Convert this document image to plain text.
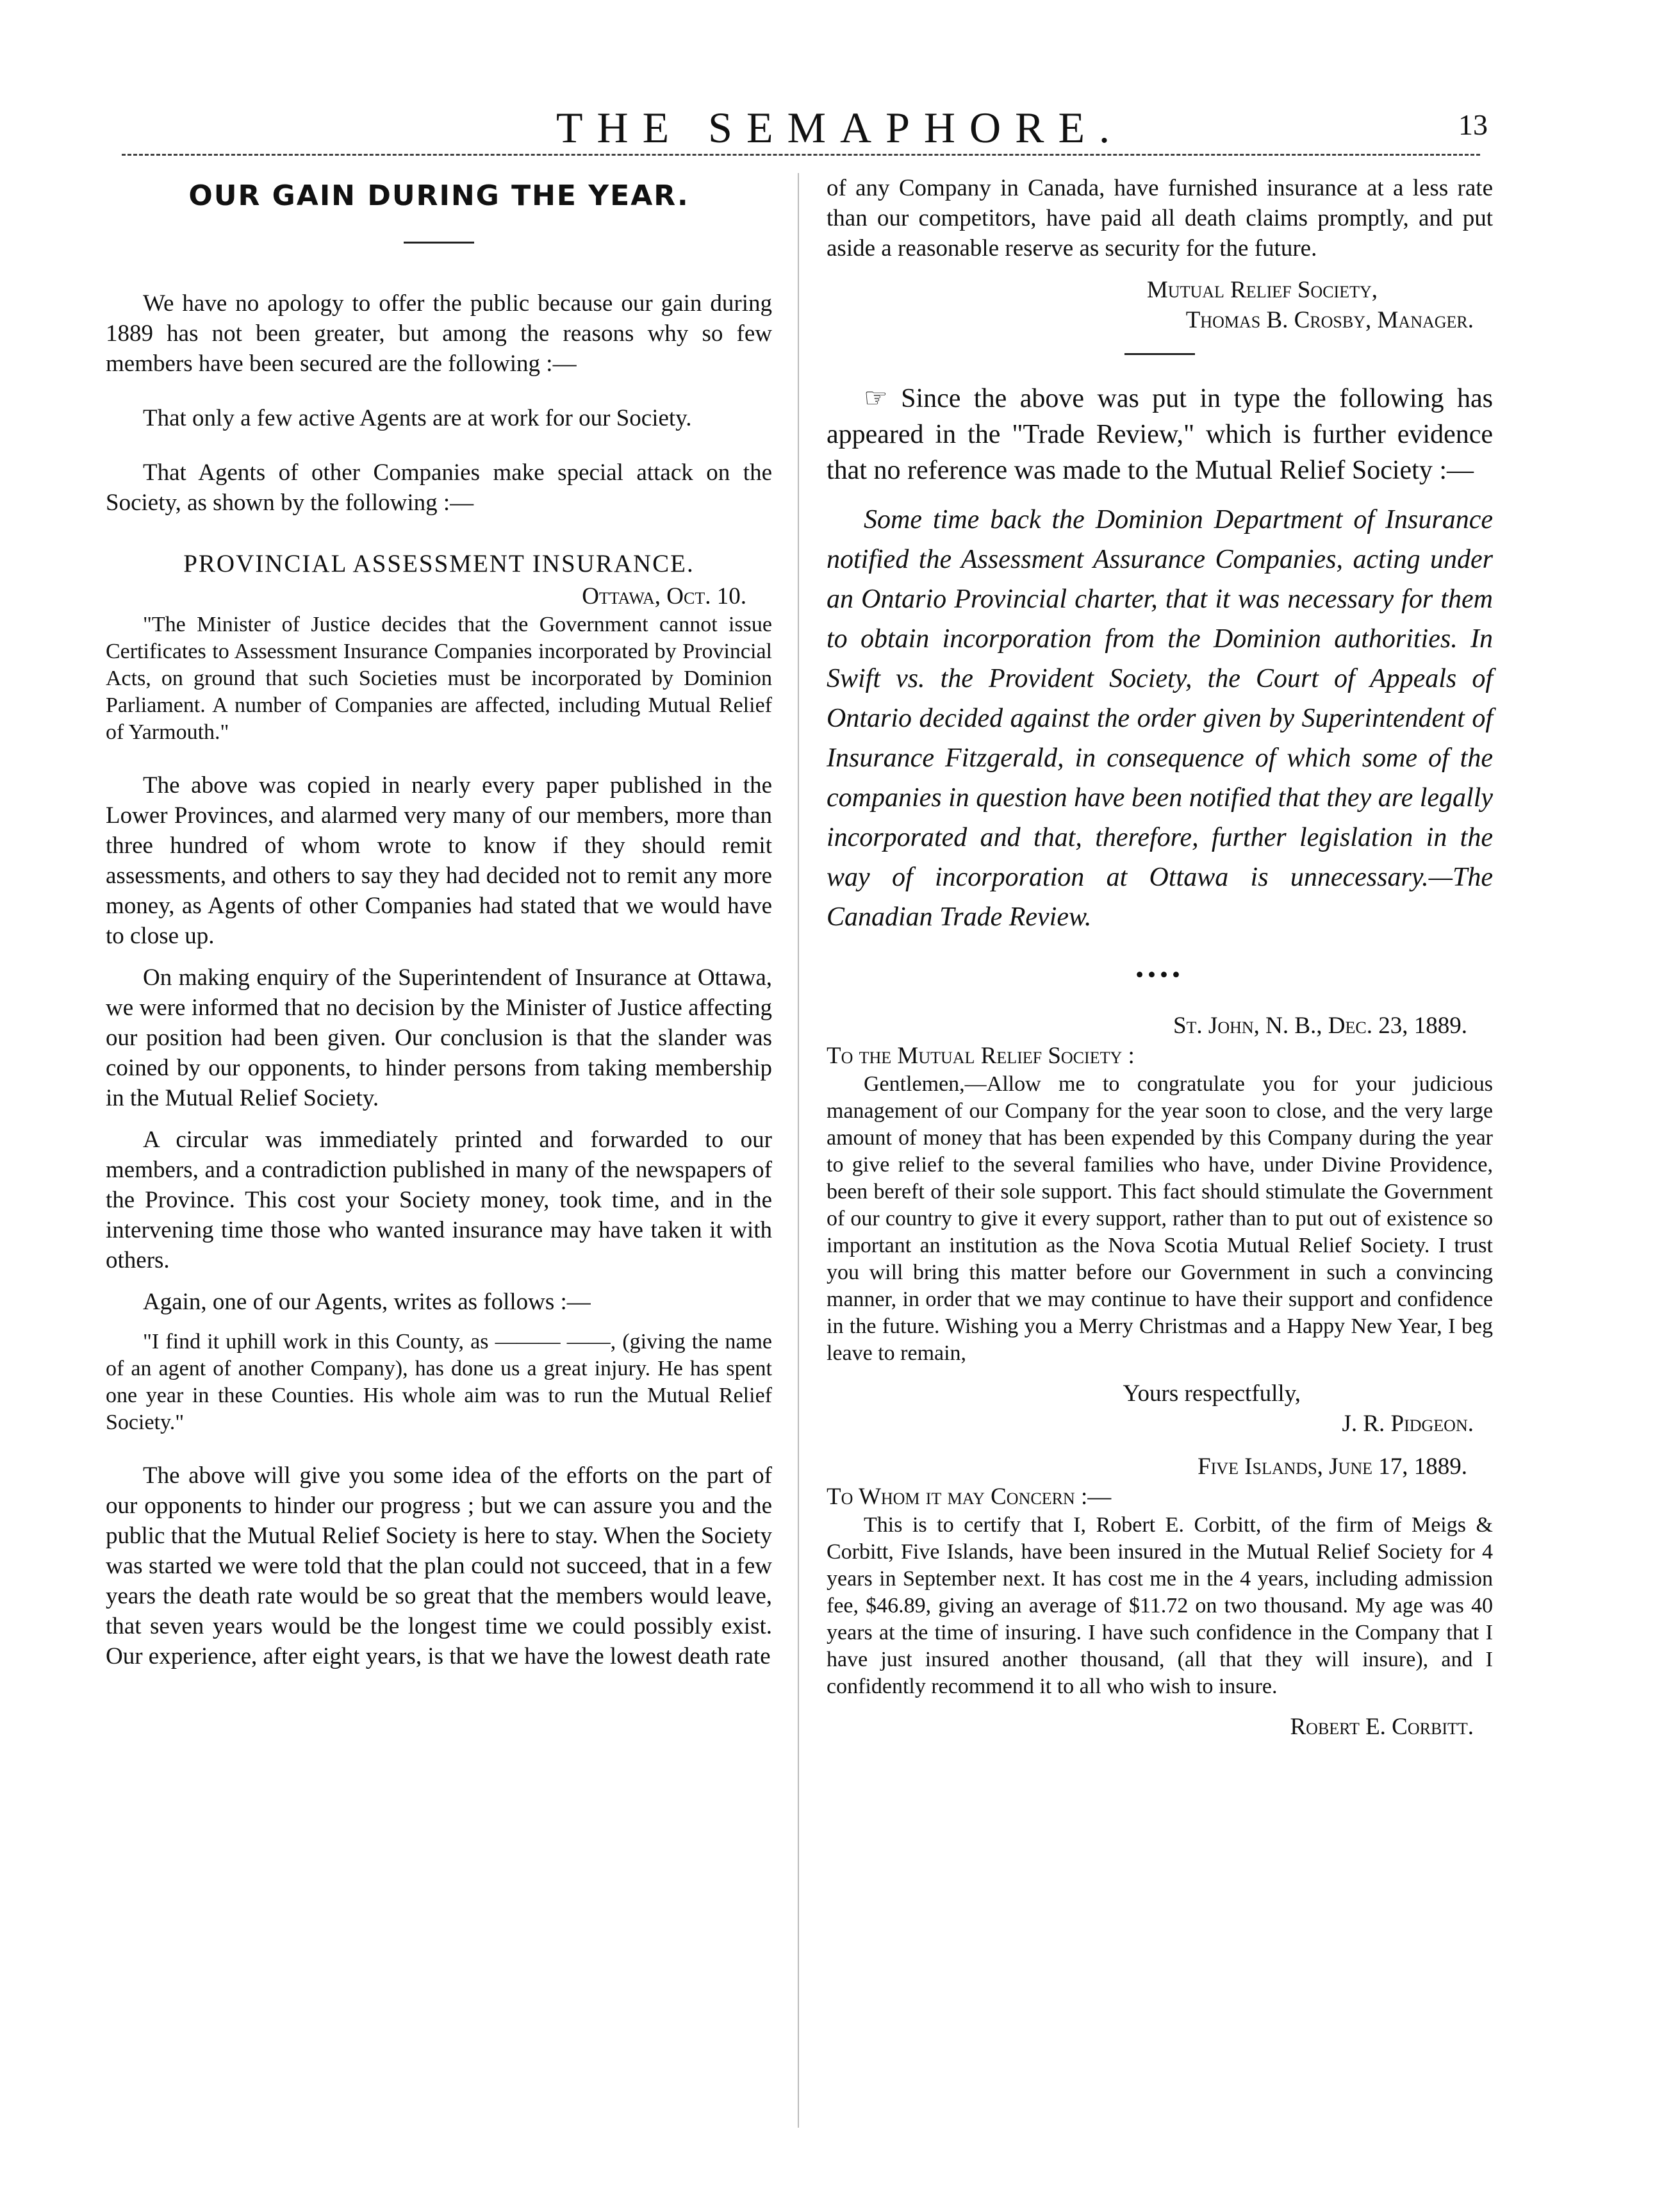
THE SEMAPHORE.	13
OUR GAIN DURING THE YEAR.

We have no apology to offer the public because our gain during 1889 has not been greater, but among the reasons why so few members have been secured are the following :—

That only a few active Agents are at work for our Society.

That Agents of other Companies make special attack on the Society, as shown by the following :—

PROVINCIAL ASSESSMENT INSURANCE.
Ottawa, Oct. 10.

"The Minister of Justice decides that the Government cannot issue Certificates to Assessment Insurance Companies incorporated by Provincial Acts, on ground that such Societies must be incorporated by Dominion Parliament. A number of Companies are affected, including Mutual Relief of Yarmouth."

The above was copied in nearly every paper published in the Lower Provinces, and alarmed very many of our members, more than three hundred of whom wrote to know if they should remit assessments, and others to say they had decided not to remit any more money, as Agents of other Companies had stated that we would have to close up.

On making enquiry of the Superintendent of Insurance at Ottawa, we were informed that no decision by the Minister of Justice affecting our position had been given. Our conclusion is that the slander was coined by our opponents, to hinder persons from taking membership in the Mutual Relief Society.

A circular was immediately printed and forwarded to our members, and a contradiction published in many of the newspapers of the Province. This cost your Society money, took time, and in the intervening time those who wanted insurance may have taken it with others.

Again, one of our Agents, writes as follows :—

"I find it uphill work in this County, as ——— ——, (giving the name of an agent of another Company), has done us a great injury. He has spent one year in these Counties. His whole aim was to run the Mutual Relief Society."

The above will give you some idea of the efforts on the part of our opponents to hinder our progress ; but we can assure you and the public that the Mutual Relief Society is here to stay. When the Society was started we were told that the plan could not succeed, that in a few years the death rate would be so great that the members would leave, that seven years would be the longest time we could possibly exist. Our experience, after eight years, is that we have the lowest death rate

of any Company in Canada, have furnished insurance at a less rate than our competitors, have paid all death claims promptly, and put aside a reasonable reserve as security for the future.

Mutual Relief Society,
Thomas B. Crosby, Manager.

☞ Since the above was put in type the following has appeared in the "Trade Review," which is further evidence that no reference was made to the Mutual Relief Society :—

Some time back the Dominion Department of Insurance notified the Assessment Assurance Companies, acting under an Ontario Provincial charter, that it was necessary for them to obtain incorporation from the Dominion authorities. In Swift vs. the Provident Society, the Court of Appeals of Ontario decided against the order given by Superintendent of Insurance Fitzgerald, in consequence of which some of the companies in question have been notified that they are legally incorporated and that, therefore, further legislation in the way of incorporation at Ottawa is unnecessary.—The Canadian Trade Review.

••••
St. John, N. B., Dec. 23, 1889.
To the Mutual Relief Society :

Gentlemen,—Allow me to congratulate you for your judicious management of our Company for the year soon to close, and the very large amount of money that has been expended by this Company during the year to give relief to the several families who have, under Divine Providence, been bereft of their sole support. This fact should stimulate the Government of our country to give it every support, rather than to put out of existence so important an institution as the Nova Scotia Mutual Relief Society. I trust you will bring this matter before our Government in such a convincing manner, in order that we may continue to have their support and confidence in the future. Wishing you a Merry Christmas and a Happy New Year, I beg leave to remain,

Yours respectfully,
J. R. Pidgeon.
Five Islands, June 17, 1889.
To Whom it may Concern :—

This is to certify that I, Robert E. Corbitt, of the firm of Meigs & Corbitt, Five Islands, have been insured in the Mutual Relief Society for 4 years in September next. It has cost me in the 4 years, including admission fee, $46.89, giving an average of $11.72 on two thousand. My age was 40 years at the time of insuring. I have such confidence in the Company that I have just insured another thousand, (all that they will insure), and I confidently recommend it to all who wish to insure.

Robert E. Corbitt.
